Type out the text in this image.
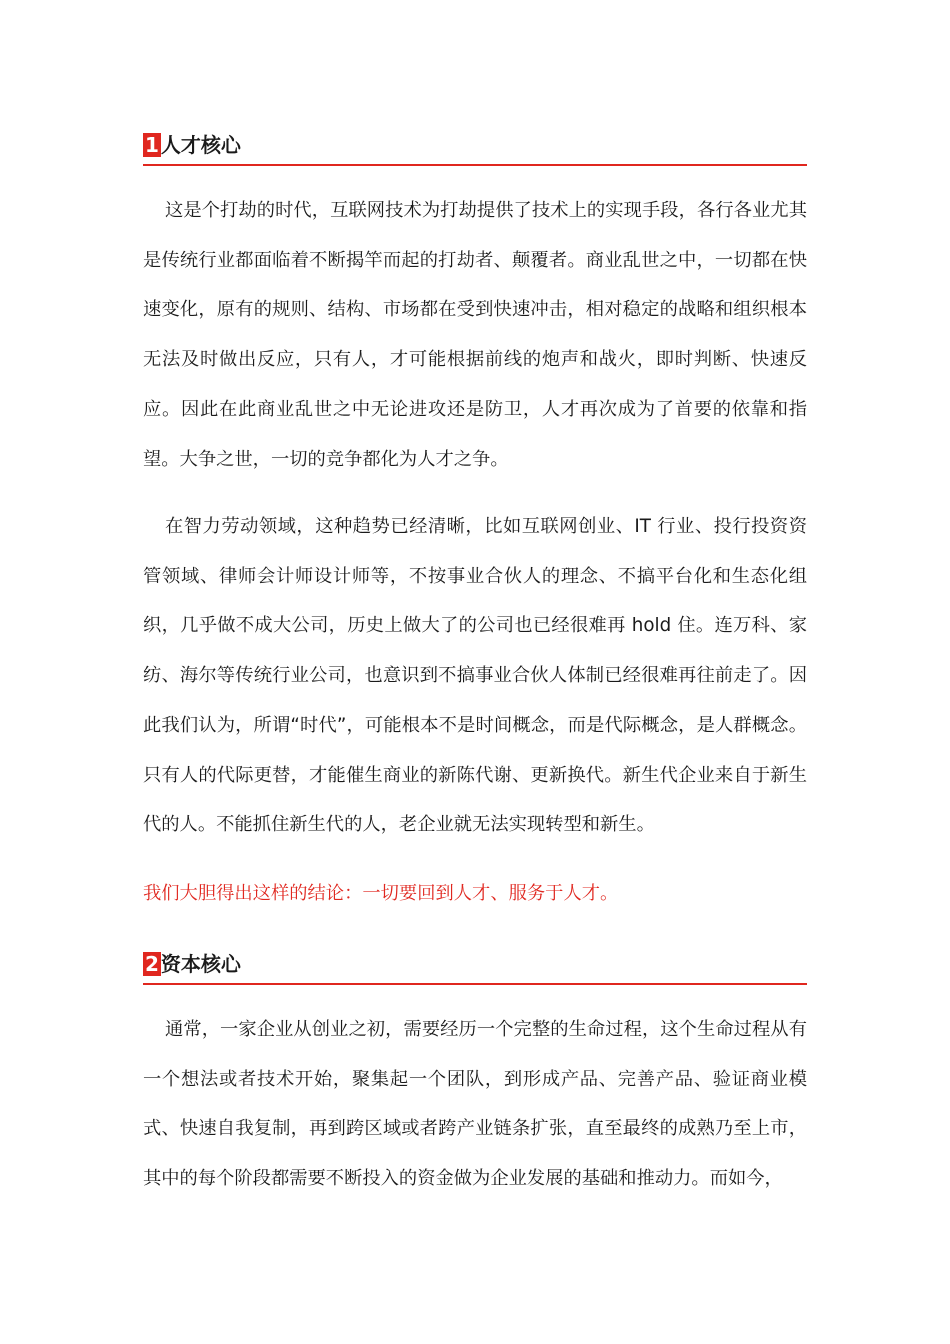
1 人才核心

这是个打劫的时代，互联网技术为打劫提供了技术上的实现手段，各行各业尤其是传统行业都面临着不断揭竿而起的打劫者、颠覆者。商业乱世之中，一切都在快速变化，原有的规则、结构、市场都在受到快速冲击，相对稳定的战略和组织根本无法及时做出反应，只有人，才可能根据前线的炮声和战火，即时判断、快速反应。因此在此商业乱世之中无论进攻还是防卫，人才再次成为了首要的依靠和指望。大争之世，一切的竞争都化为人才之争。

在智力劳动领域，这种趋势已经清晰，比如互联网创业、IT 行业、投行投资资管领域、律师会计师设计师等，不按事业合伙人的理念、不搞平台化和生态化组织，几乎做不成大公司，历史上做大了的公司也已经很难再 hold 住。连万科、家纺、海尔等传统行业公司，也意识到不搞事业合伙人体制已经很难再往前走了。因此我们认为，所谓“时代”，可能根本不是时间概念，而是代际概念，是人群概念。只有人的代际更替，才能催生商业的新陈代谢、更新换代。新生代企业来自于新生代的人。不能抓住新生代的人，老企业就无法实现转型和新生。

我们大胆得出这样的结论：一切要回到人才、服务于人才。

2 资本核心

通常，一家企业从创业之初，需要经历一个完整的生命过程，这个生命过程从有一个想法或者技术开始，聚集起一个团队，到形成产品、完善产品、验证商业模式、快速自我复制，再到跨区域或者跨产业链条扩张，直至最终的成熟乃至上市，其中的每个阶段都需要不断投入的资金做为企业发展的基础和推动力。而如今，
